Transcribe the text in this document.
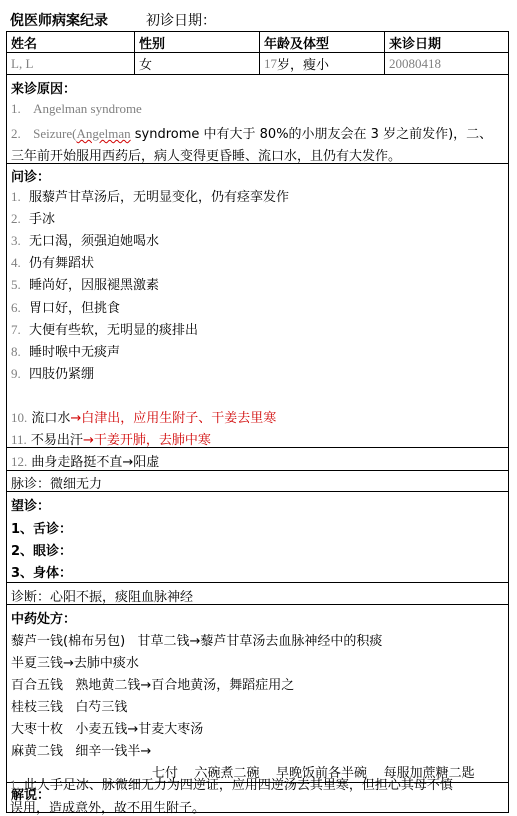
倪医师病案纪录	初诊日期：
姓名	性别	年龄及体型	来诊日期
L, L	女	17 岁，瘦小	20080418
来诊原因：
1. Angelman syndrome
2. Seizure(Angelman syndrome 中有大于 80%的小朋友会在 3 岁之前发作)，二、
三年前开始服用西药后，病人变得更昏睡、流口水，且仍有大发作。
问诊：
1. 服藜芦甘草汤后，无明显变化，仍有痉挛发作
2. 手冰
3. 无口渴，须强迫她喝水
4. 仍有舞蹈状
5. 睡尚好，因服褪黑激素
6. 胃口好，但挑食
7. 大便有些软，无明显的痰排出
8. 睡时喉中无痰声
9. 四肢仍紧绷
10. 流口水→白津出，应用生附子、干姜去里寒
11. 不易出汗→干姜开肺，去肺中寒
12. 曲身走路挺不直→阳虚
脉诊：微细无力
望诊：
1、舌诊：
2、眼诊：
3、身体：
诊断：心阳不振，痰阻血脉神经
中药处方：
藜芦一钱(棉布另包)   甘草二钱→藜芦甘草汤去血脉神经中的积痰
半夏三钱→去肺中痰水
百合五钱   熟地黄二钱→百合地黄汤，舞蹈症用之
桂枝三钱   白芍三钱
大枣十枚   小麦五钱→甘麦大枣汤
麻黄二钱   细辛一钱半→
七付    六碗煮二碗    早晚饭前各半碗    每服加蔗糖二匙
解说：
1. 此人手足冰、脉微细无力为四逆证，应用四逆汤去其里寒，但担心其母不慎
误用，造成意外，故不用生附子。
